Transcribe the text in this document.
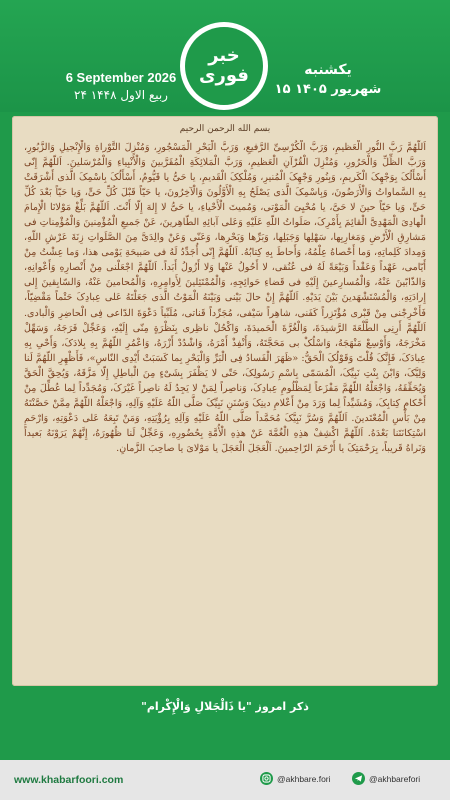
6 September 2026
۲۴ ربیع الاول ۱۴۴۸
خبر فوری	یکشنبه
۱۵ شهریور ۱۴۰۵
بسم الله الرحمن الرحيم
اَللّهُمَّ رَبَّ النُّورِ الْعَظیمِ، وَرَبَّ الْکُرْسِیِّ الرَّفیعِ، وَرَبَّ الْبَحْرِ الْمَسْجُورِ، وَمُنْزِلَ التَّوْراةِ وَالْإِنْجیلِ وَالزَّبُورِ، وَرَبَّ الظِّلِّ وَالْحَرُورِ، وَمُنْزِلَ الْقُرْآنِ الْعَظیمِ، وَرَبَّ الْمَلائِکَةِ الْمُقَرَّبینَ وَالْأَنْبِیاءِ وَالْمُرْسَلینَ. اَللّهُمَّ إِنّی أَسْأَلُکَ بِوَجْهِکَ الْکَریمِ، وَبِنُورِ وَجْهِکَ الْمُنیرِ، وَمُلْکِکَ الْقَدیمِ، یا حَیُّ یا قَیُّومُ، أَسْأَلُکَ بِاسْمِکَ الَّذی أَشْرَقَتْ بِهِ السَّماواتُ وَالْأَرَضُونَ، وَبِاسْمِکَ الَّذی یَصْلَحُ بِهِ الْأَوَّلُونَ وَالْآخِرُونَ، یا حَیّاً قَبْلَ کُلِّ حَیٍّ، وَیا حَیّاً بَعْدَ کُلِّ حَیٍّ، وَیا حَیّاً حینَ لا حَیَّ، یا مُحْیِیَ الْمَوْتی، وَمُمیتَ الْأَحْیاءِ، یا حَیُّ لا إِلهَ إِلّا أَنْتَ. اَللّهُمَّ بَلِّغْ مَوْلانَا الْإِمامَ الْهادِیَ الْمَهْدِیَّ الْقائِمَ بِأَمْرِکَ، صَلَواتُ اللّهِ عَلَیْهِ وَعَلی آبائِهِ الطّاهِرینَ، عَنْ جَمیعِ الْمُؤْمِنینَ وَالْمُؤْمِناتِ فی مَشارِقِ الْأَرْضِ وَمَغارِبِها، سَهْلِها وَجَبَلِها، وَبَرِّها وَبَحْرِها، وَعَنّی وَعَنْ والِدَیَّ مِنَ الصَّلَواتِ زِنَةَ عَرْشِ اللّهِ، وَمِدادَ کَلِماتِهِ، وَما أَحْصاهُ عِلْمُهُ، وَأَحاطَ بِهِ کِتابُهُ. اَللّهُمَّ إِنّی أُجَدِّدُ لَهُ فی صَبیحَةِ یَوْمی هذا، وَما عِشْتُ مِنْ أَیّامی، عَهْداً وَعَقْداً وَبَیْعَةً لَهُ فی عُنُقی، لا أَحُولُ عَنْها وَلا أَزُولُ أَبَداً. اَللّهُمَّ اجْعَلْنی مِنْ أَنْصارِهِ وَأَعْوانِهِ، وَالذّابّینَ عَنْهُ، وَالْمُسارِعینَ إِلَیْهِ فی قَضاءِ حَوائِجِهِ، وَالْمُمْتَثِلینَ لِأَوامِرِهِ، وَالْمُحامینَ عَنْهُ، وَالسّابِقینَ إِلی إِرادَتِهِ، وَالْمُسْتَشْهَدینَ بَیْنَ یَدَیْهِ. اَللّهُمَّ إِنْ حالَ بَیْنی وَبَیْنَهُ الْمَوْتُ الَّذی جَعَلْتَهُ عَلی عِبادِکَ حَتْماً مَقْضِیّاً، فَأَخْرِجْنی مِنْ قَبْری مُؤْتَزِراً کَفَنی، شاهِراً سَیْفی، مُجَرِّداً قَناتی، مُلَبِّیاً دَعْوَةَ الدّاعی فِی الْحاضِرِ وَالْبادی. اَللّهُمَّ أَرِنِی الطَّلْعَةَ الرَّشیدَةَ، وَالْغُرَّةَ الْحَمیدَةَ، وَاکْحُلْ ناظِری بِنَظْرَةٍ مِنّی إِلَیْهِ، وَعَجِّلْ فَرَجَهُ، وَسَهِّلْ مَخْرَجَهُ، وَأَوْسِعْ مَنْهَجَهُ، وَاسْلُکْ بی مَحَجَّتَهُ، وَأَنْفِذْ أَمْرَهُ، وَاشْدُدْ أَزْرَهُ، وَاعْمُرِ اللّهُمَّ بِهِ بِلادَکَ، وَأَحْیِ بِهِ عِبادَکَ، فَإِنَّکَ قُلْتَ وَقَوْلُکَ الْحَقُّ: «ظَهَرَ الْفَسادُ فِی الْبَرِّ وَالْبَحْرِ بِما کَسَبَتْ أَیْدِی النّاسِ»، فَأَظْهِرِ اللّهُمَّ لَنا وَلِیَّکَ، وَابْنَ بِنْتِ نَبِیِّکَ، الْمُسَمّی بِاسْمِ رَسُولِکَ، حَتّی لا یَظْفَرَ بِشَیْءٍ مِنَ الْباطِلِ إِلّا مَزَّقَهُ، وَیُحِقَّ الْحَقَّ وَیُحَقِّقَهُ، وَاجْعَلْهُ اللّهُمَّ مَفْزَعاً لِمَظْلُومِ عِبادِکَ، وَناصِراً لِمَنْ لا یَجِدُ لَهُ ناصِراً غَیْرَکَ، وَمُجَدِّداً لِما عُطِّلَ مِنْ أَحْکامِ کِتابِکَ، وَمُشَیِّداً لِما وَرَدَ مِنْ أَعْلامِ دینِکَ وَسُنَنِ نَبِیِّکَ صَلَّی اللّهُ عَلَیْهِ وَآلِهِ، وَاجْعَلْهُ اللّهُمَّ مِمَّنْ حَصَّنْتَهُ مِنْ بَأْسِ الْمُعْتَدینَ. اَللّهُمَّ وَسُرَّ نَبِیَّکَ مُحَمَّداً صَلَّی اللّهُ عَلَیْهِ وَآلِهِ بِرُؤْیَتِهِ، وَمَنْ تَبِعَهُ عَلی دَعْوَتِهِ، وَارْحَمِ اسْتِکانَتَنا بَعْدَهُ. اَللّهُمَّ اکْشِفْ هذِهِ الْغُمَّةَ عَنْ هذِهِ الْأُمَّةِ بِحُضُورِهِ، وَعَجِّلْ لَنا ظُهُورَهُ، إِنَّهُمْ یَرَوْنَهُ بَعیداً وَنَراهُ قَریباً، بِرَحْمَتِکَ یا أَرْحَمَ الرّاحِمینَ. اَلْعَجَلَ الْعَجَلَ یا مَوْلایَ یا صاحِبَ الزَّمانِ.
ذکر امروز "یا ذَالْجَلالِ وَالْإِکْرام"
www.khabarfoori.com	@akhbare.fori	@akhbarefori
